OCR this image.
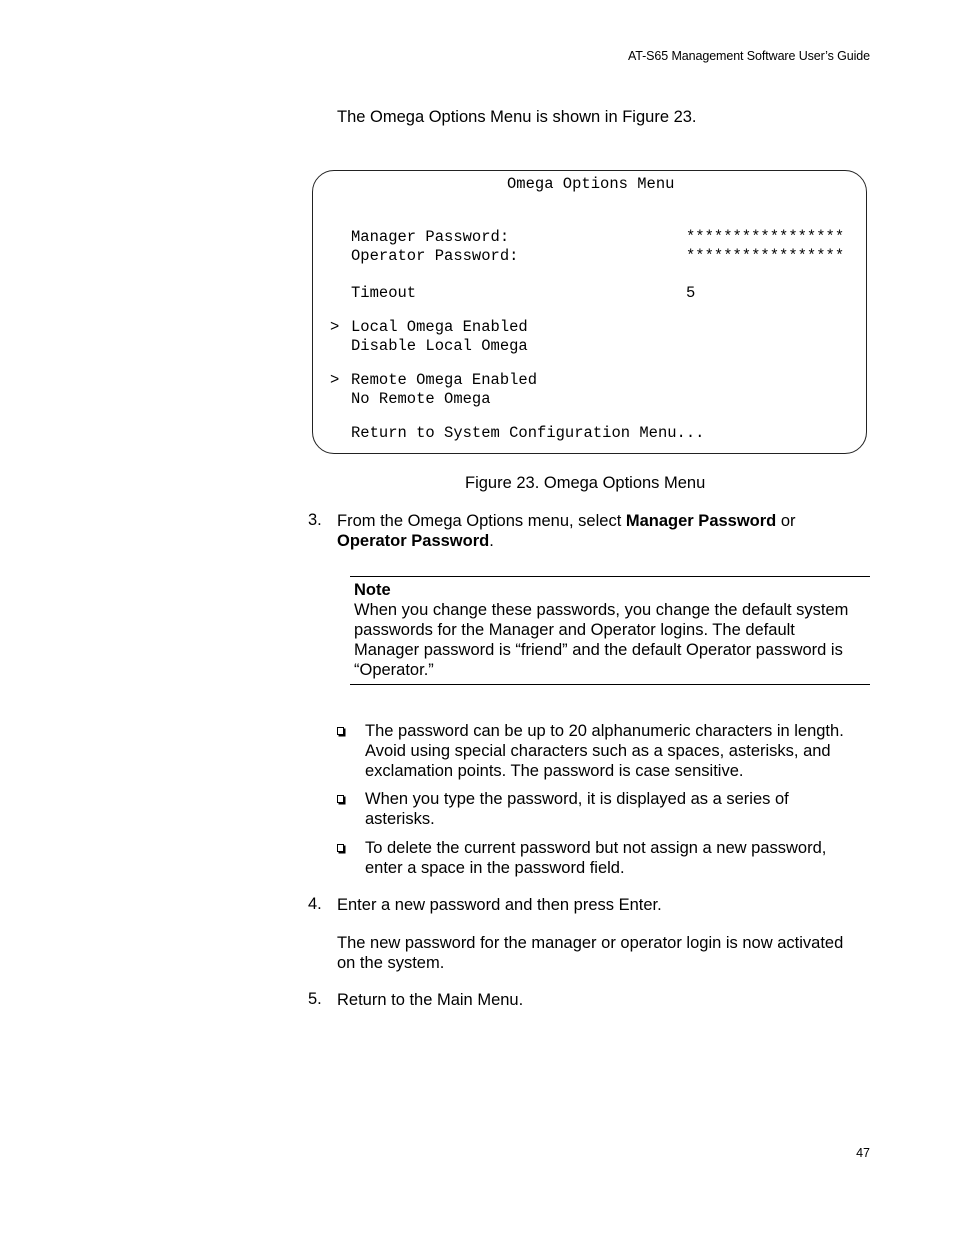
AT-S65 Management Software User’s Guide
The Omega Options Menu is shown in Figure 23.
Omega Options Menu
Manager Password:	*****************
Operator Password:	*****************
Timeout	5
> Local Omega Enabled
Disable Local Omega
> Remote Omega Enabled
No Remote Omega
Return to System Configuration Menu...
Figure 23. Omega Options Menu
3. From the Omega Options menu, select Manager Password or
Operator Password.
Note
When you change these passwords, you change the default system
passwords for the Manager and Operator logins. The default
Manager password is “friend” and the default Operator password is
“Operator.”
The password can be up to 20 alphanumeric characters in length.
Avoid using special characters such as a spaces, asterisks, and
exclamation points. The password is case sensitive.
When you type the password, it is displayed as a series of
asterisks.
To delete the current password but not assign a new password,
enter a space in the password field.
4. Enter a new password and then press Enter.
The new password for the manager or operator login is now activated
on the system.
5. Return to the Main Menu.
47
